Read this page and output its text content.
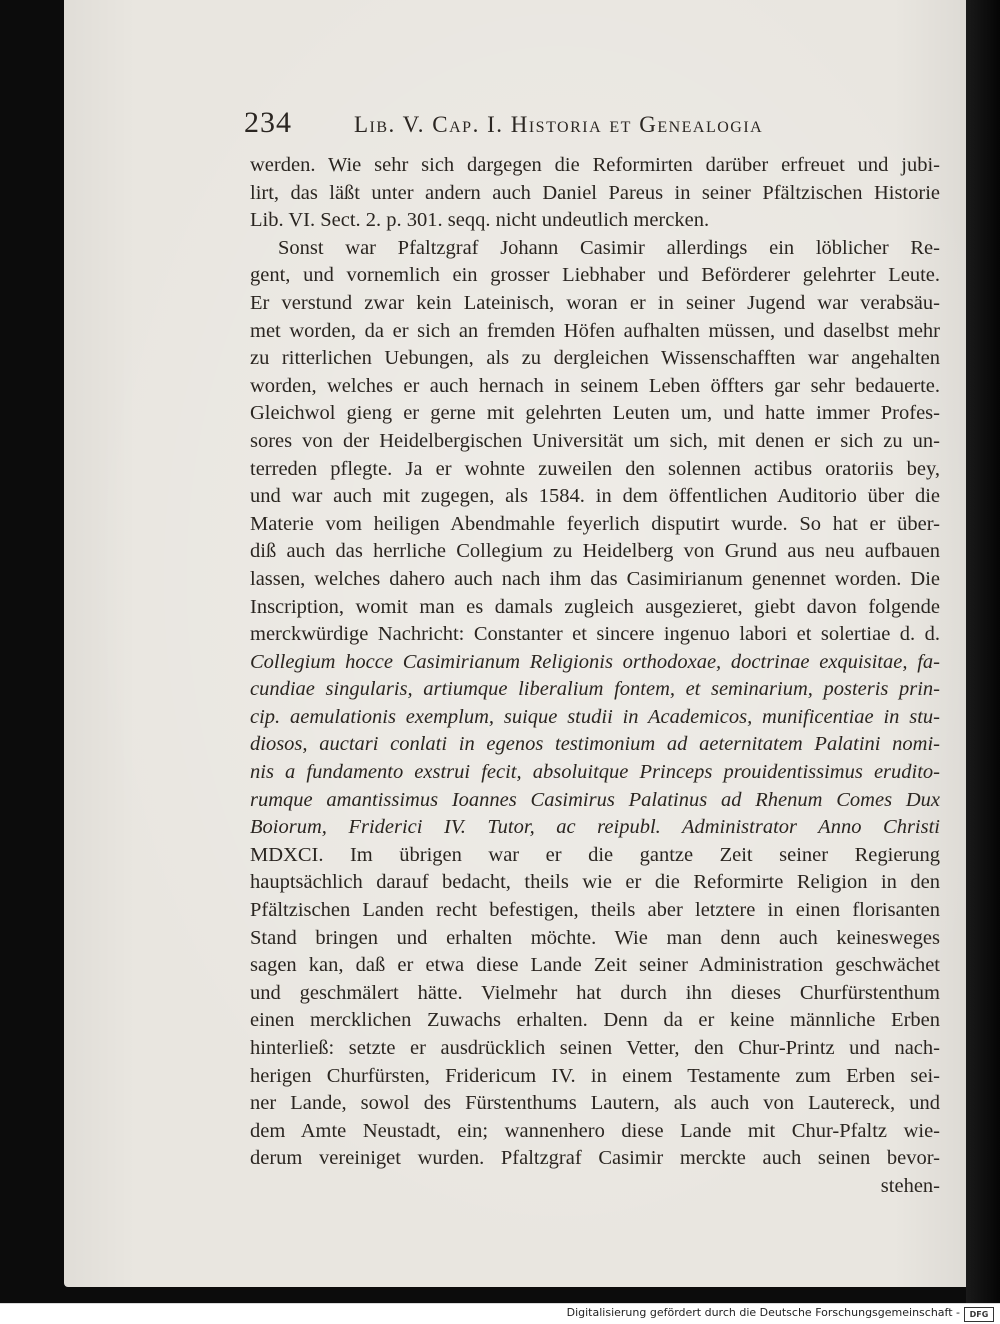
234	Lib. V. Cap. I. Historia et Genealogia
werden. Wie sehr sich dargegen die Reformirten darüber erfreuet und jubi-
lirt, das läßt unter andern auch Daniel Pareus in seiner Pfältzischen Historie
Lib. VI. Sect. 2. p. 301. seqq. nicht undeutlich mercken.
Sonst war Pfaltzgraf Johann Casimir allerdings ein löblicher Re-
gent, und vornemlich ein grosser Liebhaber und Beförderer gelehrter Leute.
Er verstund zwar kein Lateinisch, woran er in seiner Jugend war verabsäu-
met worden, da er sich an fremden Höfen aufhalten müssen, und daselbst mehr
zu ritterlichen Uebungen, als zu dergleichen Wissenschafften war angehalten
worden, welches er auch hernach in seinem Leben öffters gar sehr bedauerte.
Gleichwol gieng er gerne mit gelehrten Leuten um, und hatte immer Profes-
sores von der Heidelbergischen Universität um sich, mit denen er sich zu un-
terreden pflegte. Ja er wohnte zuweilen den solennen actibus oratoriis bey,
und war auch mit zugegen, als 1584. in dem öffentlichen Auditorio über die
Materie vom heiligen Abendmahle feyerlich disputirt wurde. So hat er über-
diß auch das herrliche Collegium zu Heidelberg von Grund aus neu aufbauen
lassen, welches dahero auch nach ihm das Casimirianum genennet worden. Die
Inscription, womit man es damals zugleich ausgezieret, giebt davon folgende
merckwürdige Nachricht: Constanter et sincere ingenuo labori et solertiae d. d.
Collegium hocce Casimirianum Religionis orthodoxae, doctrinae exquisitae, fa-
cundiae singularis, artiumque liberalium fontem, et seminarium, posteris prin-
cip. aemulationis exemplum, suique studii in Academicos, munificentiae in stu-
diosos, auctari conlati in egenos testimonium ad aeternitatem Palatini nomi-
nis a fundamento exstrui fecit, absoluitque Princeps prouidentissimus erudito-
rumque amantissimus Ioannes Casimirus Palatinus ad Rhenum Comes Dux
Boiorum, Friderici IV. Tutor, ac reipubl. Administrator Anno Christi
MDXCI. Im übrigen war er die gantze Zeit seiner Regierung
hauptsächlich darauf bedacht, theils wie er die Reformirte Religion in den
Pfältzischen Landen recht befestigen, theils aber letztere in einen florisanten
Stand bringen und erhalten möchte. Wie man denn auch keinesweges
sagen kan, daß er etwa diese Lande Zeit seiner Administration geschwächet
und geschmälert hätte. Vielmehr hat durch ihn dieses Churfürstenthum
einen mercklichen Zuwachs erhalten. Denn da er keine männliche Erben
hinterließ: setzte er ausdrücklich seinen Vetter, den Chur-Printz und nach-
herigen Churfürsten, Fridericum IV. in einem Testamente zum Erben sei-
ner Lande, sowol des Fürstenthums Lautern, als auch von Lautereck, und
dem Amte Neustadt, ein; wannenhero diese Lande mit Chur-Pfaltz wie-
derum vereiniget wurden. Pfaltzgraf Casimir merckte auch seinen bevor-
stehen-
Digitalisierung gefördert durch die Deutsche Forschungsgemeinschaft -	DFG
